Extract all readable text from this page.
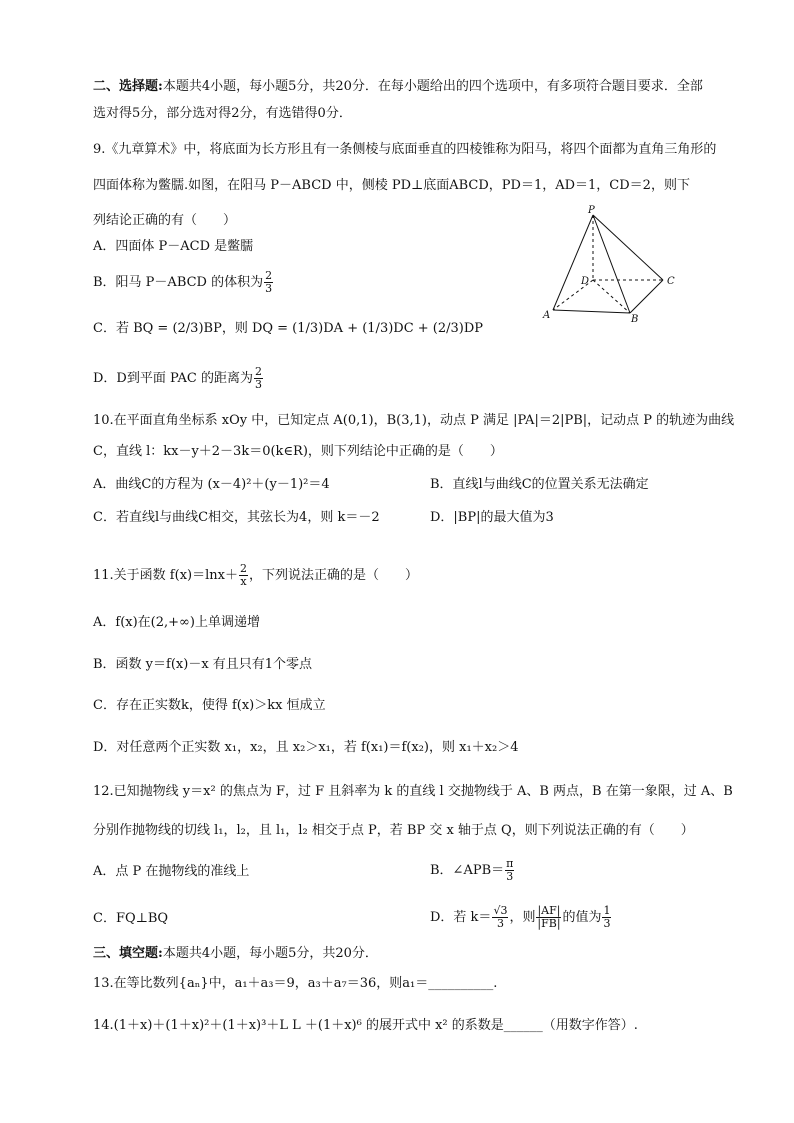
二、选择题:本题共4小题，每小题5分，共20分．在每小题给出的四个选项中，有多项符合题目要求．全部
选对得5分，部分选对得2分，有选错得0分．
9.《九章算术》中，将底面为长方形且有一条侧棱与底面垂直的四棱锥称为阳马，将四个面都为直角三角形的
四面体称为鳖臑.如图，在阳马 P－ABCD 中，侧棱 PD⊥底面ABCD，PD＝1，AD＝1，CD＝2，则下
列结论正确的有（　　）
A．四面体 P－ACD 是鳖臑
B．阳马 P－ABCD 的体积为 $\frac{2}{3}$
C．若 BQ = (2/3)BP，则 DQ = (1/3)DA + (1/3)DC + (2/3)DP
D．D到平面 PAC 的距离为 $\frac{2}{3}$
P
D	C
A	B
10.在平面直角坐标系 xOy 中，已知定点 A(0,1)，B(3,1)，动点 P 满足 |PA|＝2|PB|，记动点 P 的轨迹为曲线
C，直线 l：kx－y＋2－3k＝0(k∈R)，则下列结论中正确的是（　　）
A．曲线C的方程为 (x－4)²＋(y－1)²＝4	B．直线l与曲线C的位置关系无法确定
C．若直线l与曲线C相交，其弦长为4，则 k＝－2	D．|BP|的最大值为3
11.关于函数 $f(x)=\ln x+ \frac{2}{x}$ ，下列说法正确的是（　　）
A．f(x)在(2,+∞)上单调递增
B．函数 y＝f(x)－x 有且只有1个零点
C．存在正实数k，使得 f(x)＞kx 恒成立
D．对任意两个正实数 x₁，x₂，且 x₂＞x₁，若 f(x₁)＝f(x₂)，则 x₁＋x₂＞4
12.已知抛物线 y＝x² 的焦点为 F，过 F 且斜率为 k 的直线 l 交抛物线于 A、B 两点，B 在第一象限，过 A、B
分别作抛物线的切线 l₁，l₂，且 l₁，l₂ 相交于点 P，若 BP 交 x 轴于点 Q，则下列说法正确的有（　　）
A．点 P 在抛物线的准线上	B．∠APB＝ $\frac{\pi}{3}$
C．FQ⊥BQ	D．若 $k= \frac{√3}{3}$ ，则 $\frac{|AF|}{|FB|}$ 的值为 $\frac{1}{3}$
三、填空题:本题共4小题，每小题5分，共20分．
13.在等比数列{aₙ}中，a₁＋a₃＝9，a₃＋a₇＝36，则a₁＝__________.
14.(1＋x)＋(1＋x)²＋(1＋x)³＋L L ＋(1＋x)⁶ 的展开式中 x² 的系数是______（用数字作答）.
